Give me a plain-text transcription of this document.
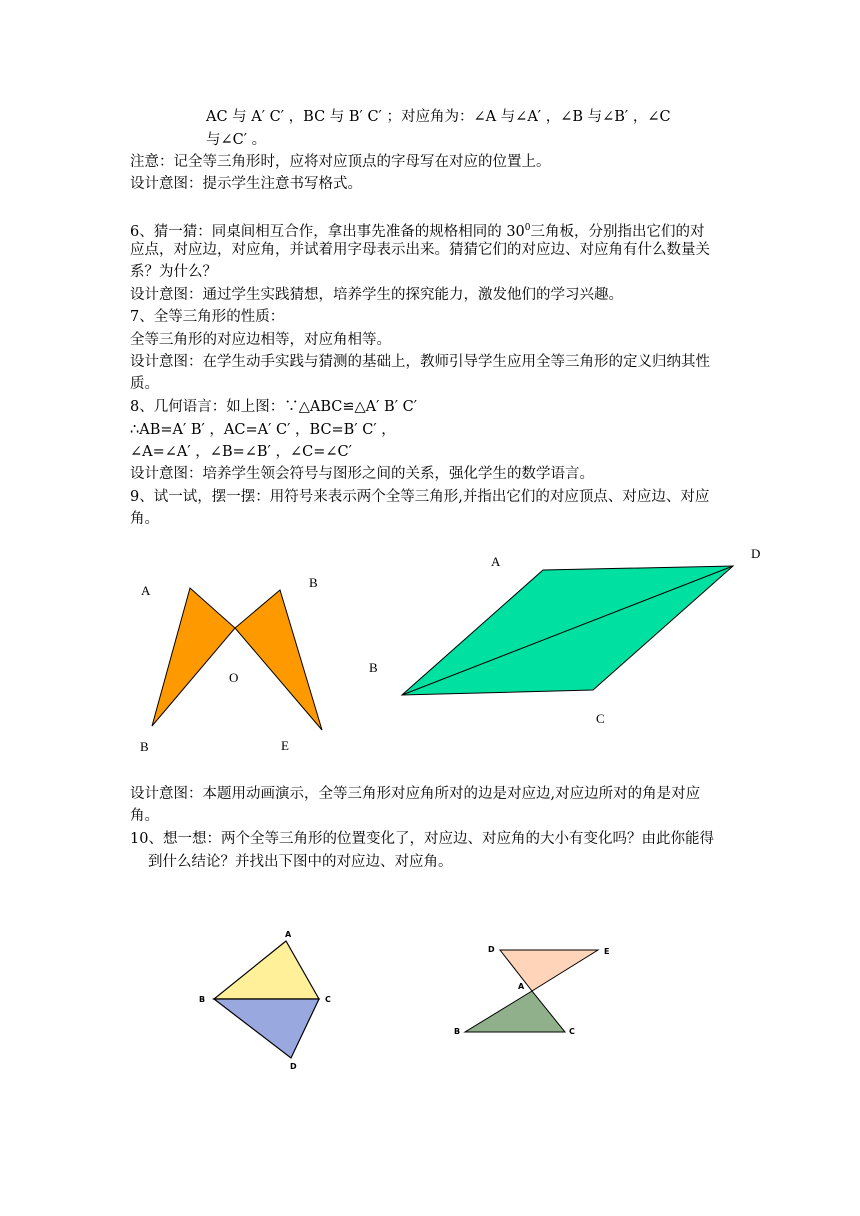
AC 与 A′ C′ ，BC 与 B′ C′ ；对应角为：∠A 与∠A′ ，∠B 与∠B′ ，∠C
与∠C′ 。
注意：记全等三角形时，应将对应顶点的字母写在对应的位置上。
设计意图：提示学生注意书写格式。
6、猜一猜：同桌间相互合作，拿出事先准备的规格相同的 $30^0$三角板，分别指出它们的对
应点，对应边，对应角，并试着用字母表示出来。猜猜它们的对应边、对应角有什么数量关
系？为什么？
设计意图：通过学生实践猜想，培养学生的探究能力，激发他们的学习兴趣。
7、全等三角形的性质：
全等三角形的对应边相等，对应角相等。
设计意图：在学生动手实践与猜测的基础上，教师引导学生应用全等三角形的定义归纳其性
质。
8、几何语言：如上图：∵△ABC≌△A′ B′ C′
∴AB=A′ B′ ，AC=A′ C′ ，BC=B′ C′ ，
∠A=∠A′ ，∠B=∠B′ ，∠C=∠C′
设计意图：培养学生领会符号与图形之间的关系，强化学生的数学语言。
9、试一试，摆一摆：用符号来表示两个全等三角形,并指出它们的对应顶点、对应边、对应
角。
A
B
O
B	E
A
D
B
C
A
B	C
D
D	E
A
B	C
设计意图：本题用动画演示，全等三角形对应角所对的边是对应边,对应边所对的角是对应
角。
10、想一想：两个全等三角形的位置变化了，对应边、对应角的大小有变化吗？由此你能得
到什么结论？并找出下图中的对应边、对应角。
